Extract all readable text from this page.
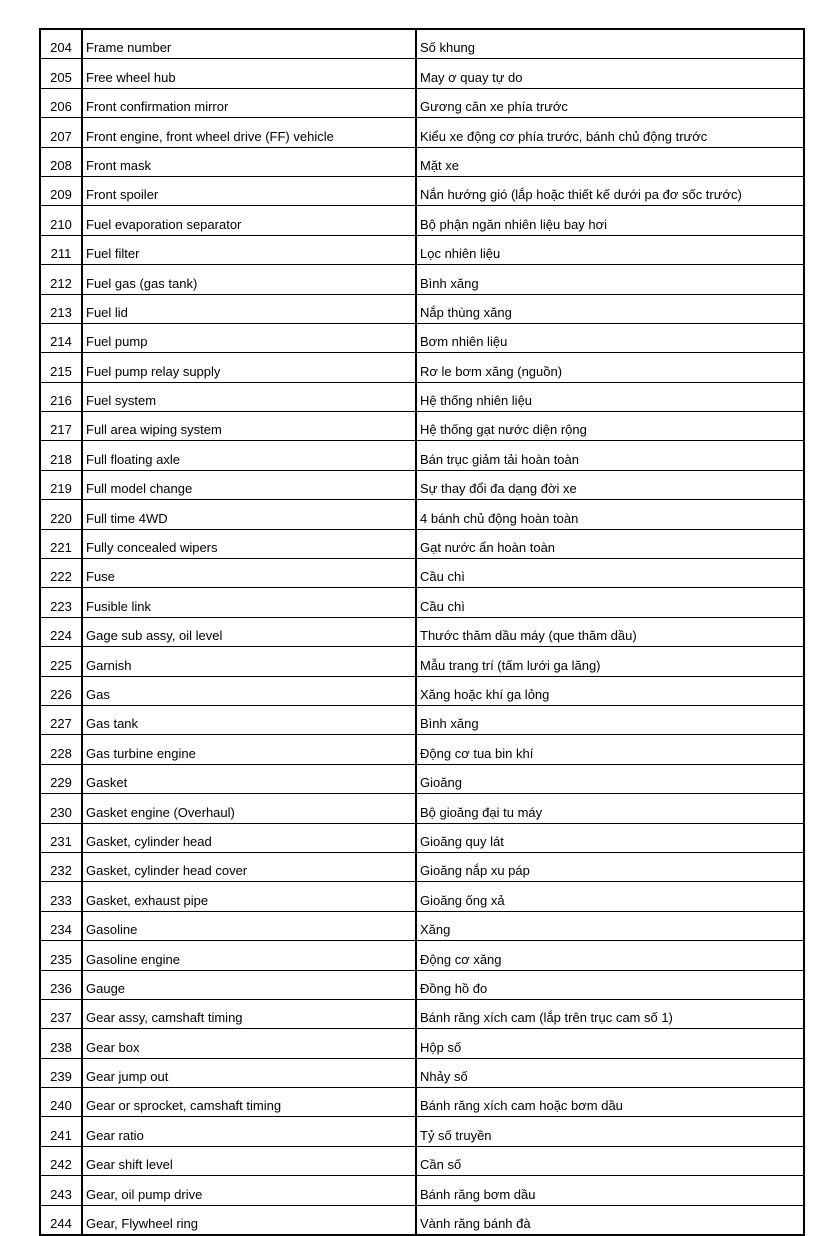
204	Frame number	Số khung
205	Free wheel hub	May ơ quay tự do
206	Front confirmation mirror	Gương căn xe phía trước
207	Front engine, front wheel drive (FF) vehicle	Kiểu xe động cơ phía trước, bánh chủ động trước
208	Front mask	Mặt xe
209	Front spoiler	Nắn hướng gió (lắp hoặc thiết kế dưới pa đơ sốc trước)
210	Fuel evaporation separator	Bộ phận ngăn nhiên liệu bay hơi
211	Fuel filter	Lọc nhiên liệu
212	Fuel gas (gas tank)	Bình xăng
213	Fuel lid	Nắp thùng xăng
214	Fuel pump	Bơm nhiên liệu
215	Fuel pump relay supply	Rơ le bơm xăng (nguồn)
216	Fuel system	Hệ thống nhiên liệu
217	Full area wiping system	Hệ thống gạt nước diện rộng
218	Full floating axle	Bán trục giảm tải hoàn toàn
219	Full model change	Sự thay đổi đa dạng đời xe
220	Full time 4WD	4 bánh chủ động hoàn toàn
221	Fully concealed wipers	Gạt nước ẩn hoàn toàn
222	Fuse	Cầu chì
223	Fusible link	Cầu chì
224	Gage sub assy, oil level	Thước thăm dầu máy (que thăm dầu)
225	Garnish	Mẫu trang trí (tấm lưới ga lăng)
226	Gas	Xăng hoặc khí ga lỏng
227	Gas tank	Bình xăng
228	Gas turbine engine	Động cơ tua bin khí
229	Gasket	Gioăng
230	Gasket engine (Overhaul)	Bộ gioăng đại tu máy
231	Gasket, cylinder head	Gioăng quy lát
232	Gasket, cylinder head cover	Gioăng nắp xu páp
233	Gasket, exhaust pipe	Gioăng ống xả
234	Gasoline	Xăng
235	Gasoline engine	Động cơ xăng
236	Gauge	Đồng hồ đo
237	Gear assy, camshaft timing	Bánh răng xích cam (lắp trên trục cam số 1)
238	Gear box	Hộp số
239	Gear jump out	Nhảy số
240	Gear or sprocket, camshaft timing	Bánh răng xích cam hoặc bơm dầu
241	Gear ratio	Tỷ số truyền
242	Gear shift level	Cần số
243	Gear, oil pump drive	Bánh răng bơm dầu
244	Gear, Flywheel ring	Vành răng bánh đà
